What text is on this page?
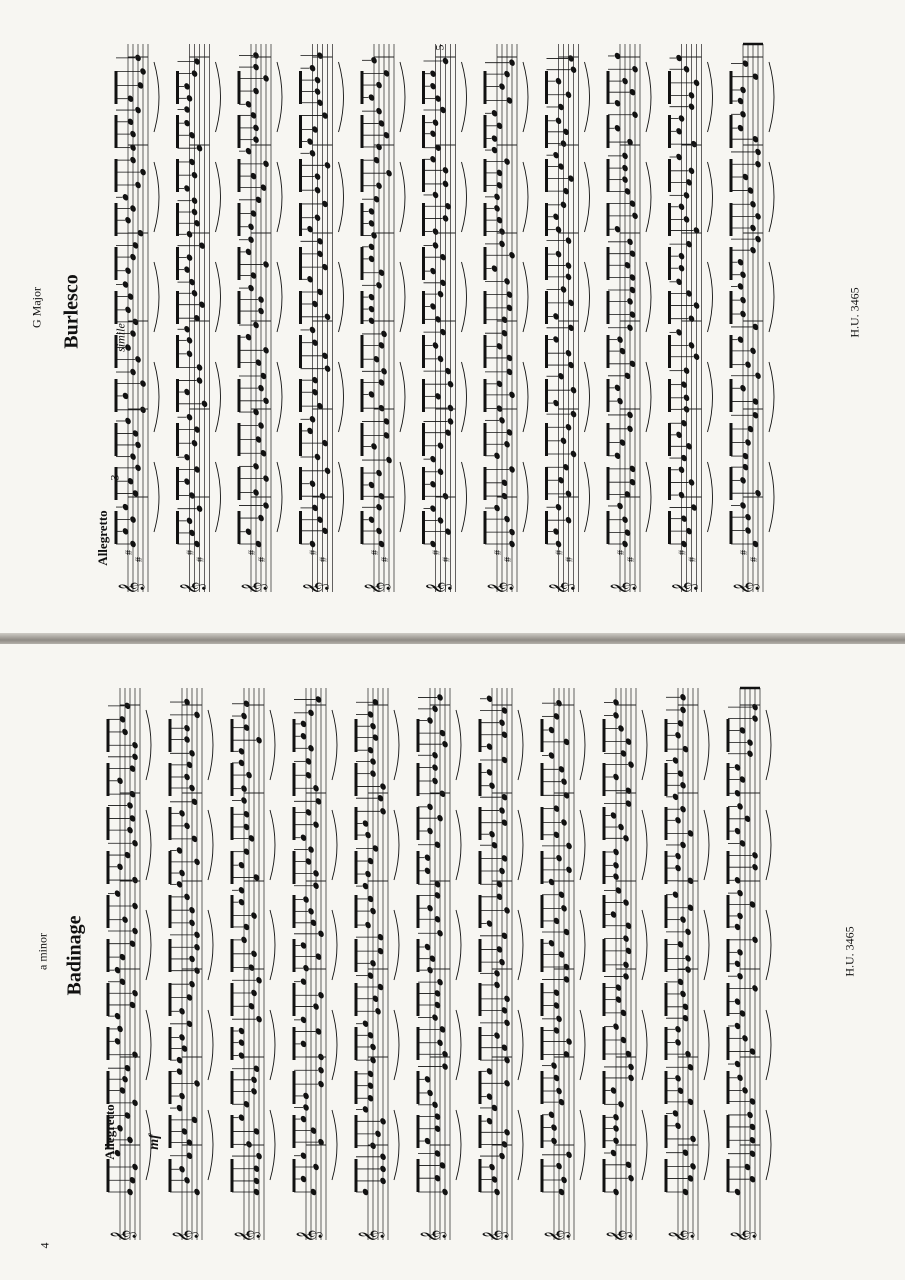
𝄞
#
#
𝄞
#
#
𝄞
#
#
𝄞
#
#
𝄞
#
#
𝄞
#
#
𝄞
#
#
𝄞
#
#
𝄞
#
#
𝄞
#
#
𝄞
#
#
5
G Major Burlesco
Allegretto
simile
3
H.U. 3465
𝄞 𝄞 𝄞 𝄞 𝄞 𝄞 𝄞 𝄞 𝄞 𝄞 𝄞
4
a minor Badinage
Allegretto mf
H.U. 3465
